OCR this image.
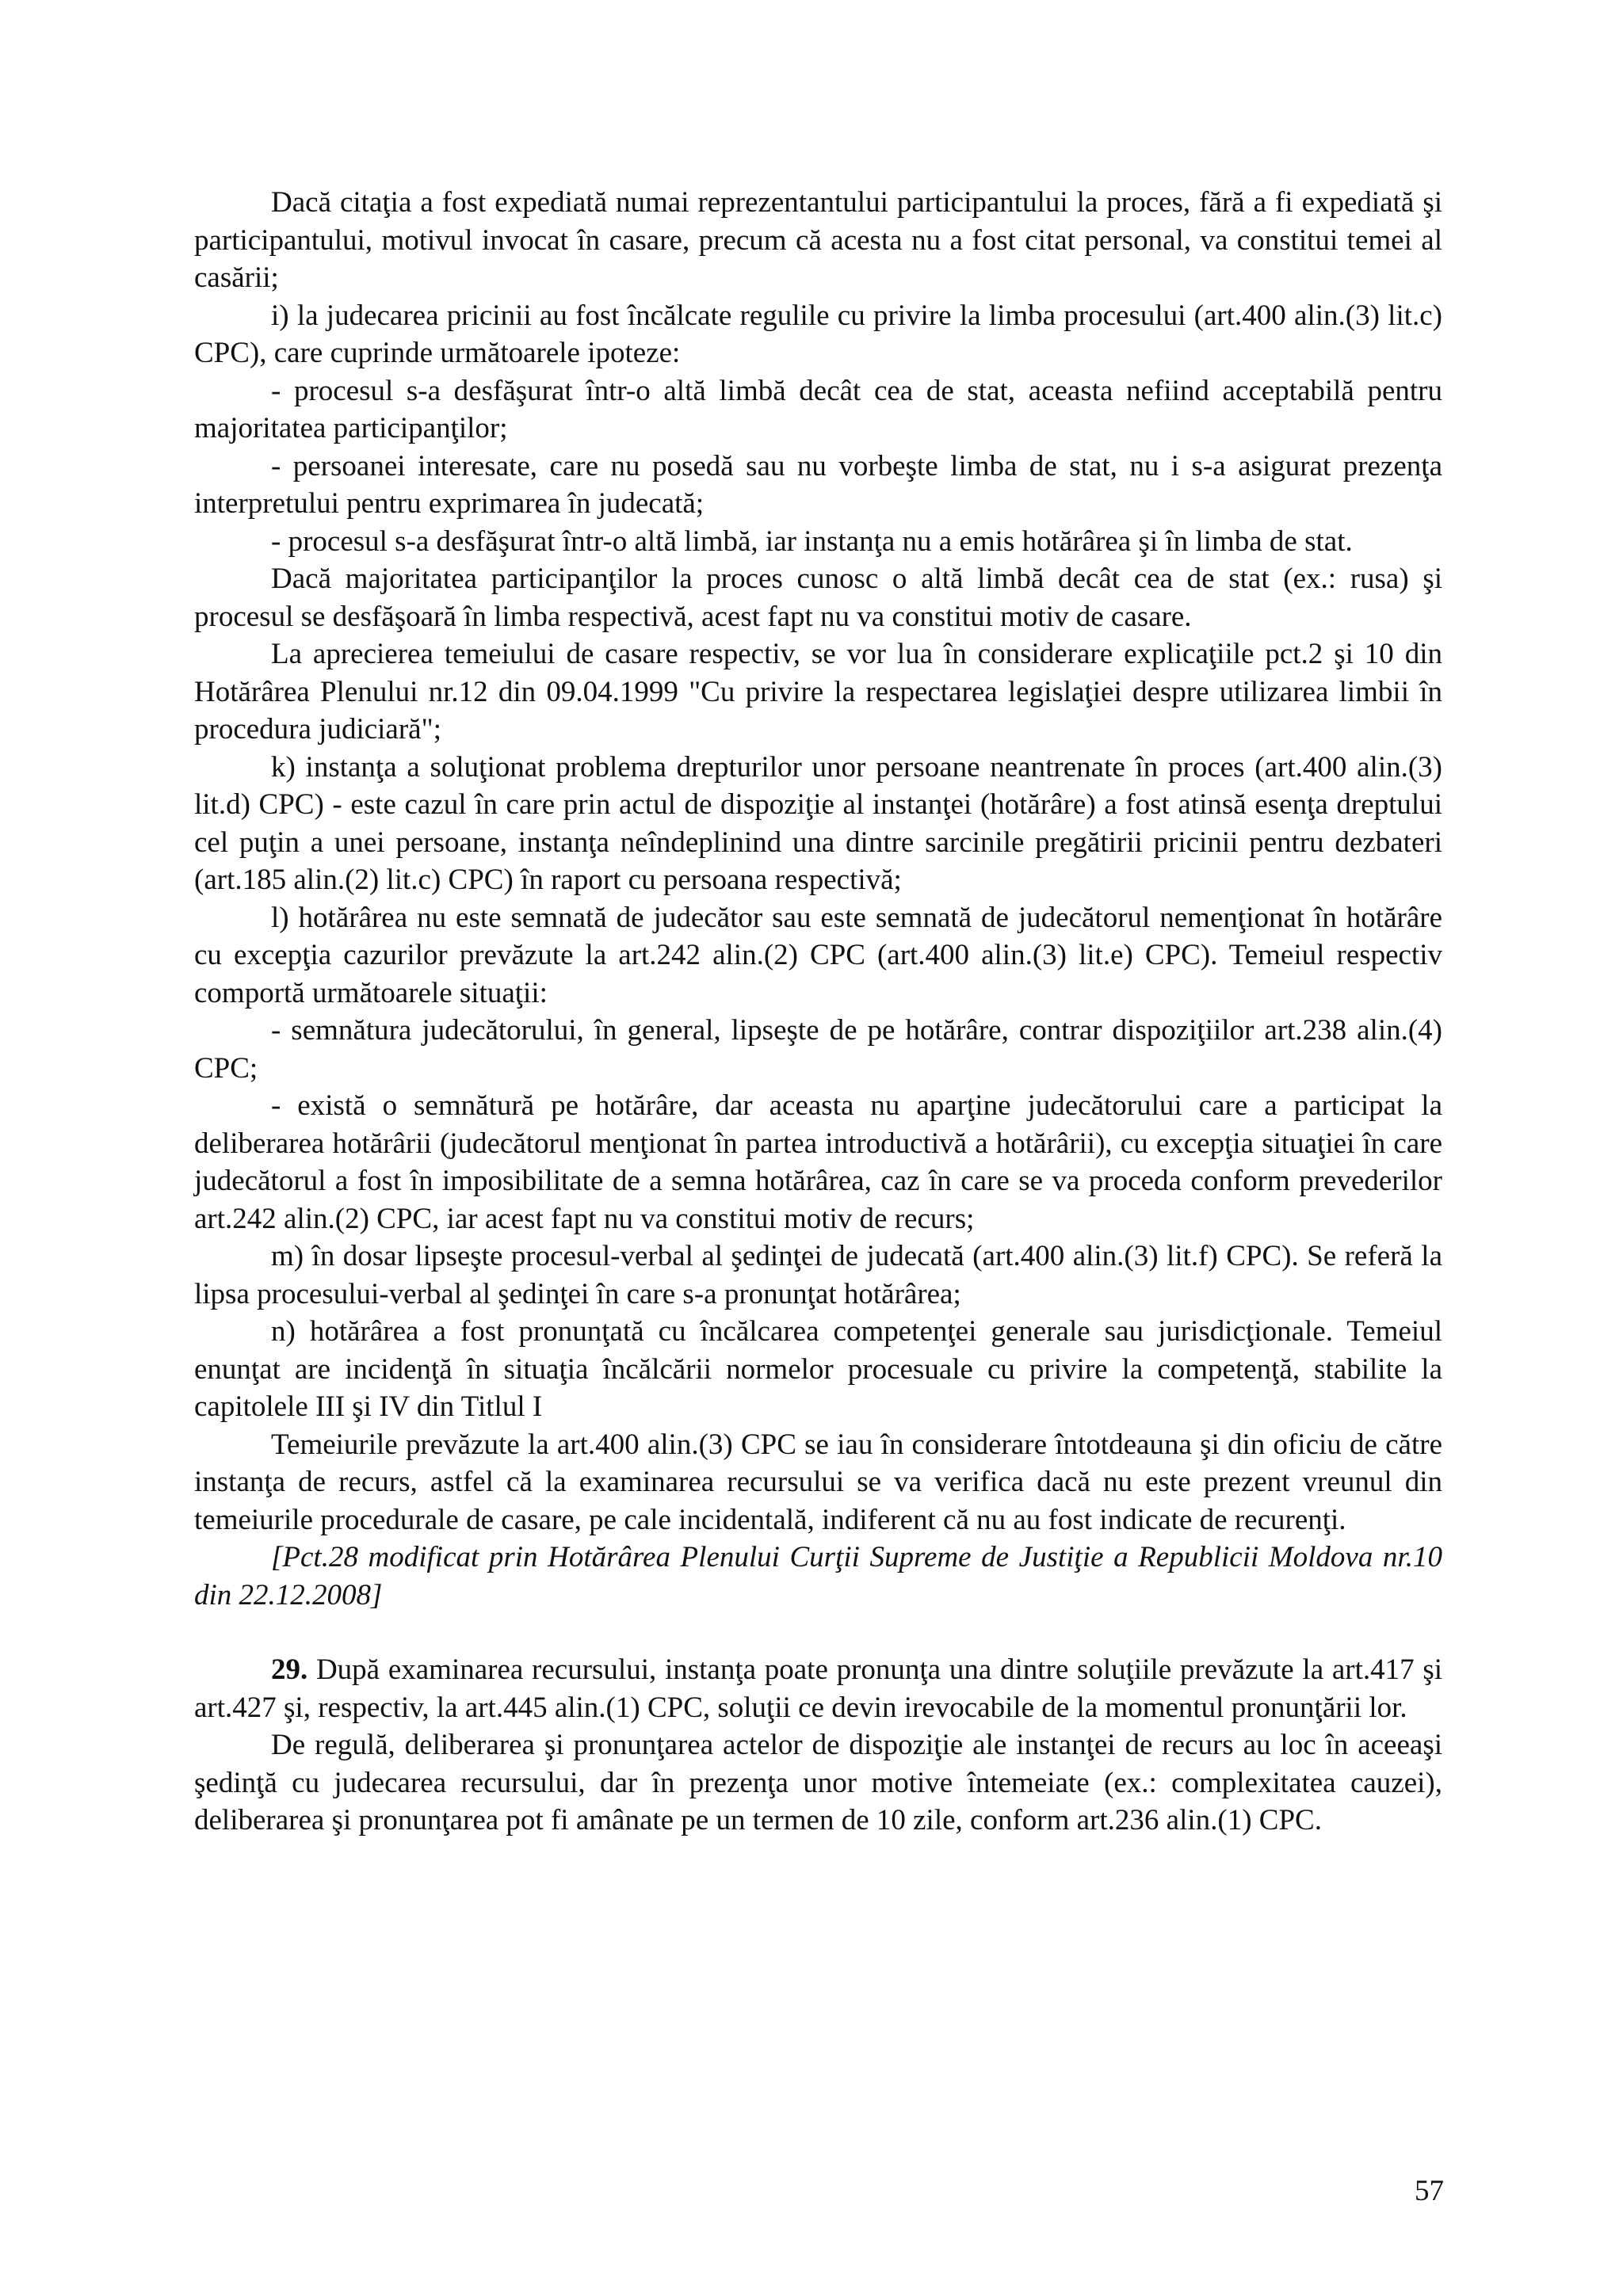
Dacă citaţia a fost expediată numai reprezentantului participantului la proces, fără a fi expediată şi participantului, motivul invocat în casare, precum că acesta nu a fost citat personal, va constitui temei al casării;

i) la judecarea pricinii au fost încălcate regulile cu privire la limba procesului (art.400 alin.(3) lit.c) CPC), care cuprinde următoarele ipoteze:

- procesul s-a desfăşurat într-o altă limbă decât cea de stat, aceasta nefiind acceptabilă pentru majoritatea participanţilor;

- persoanei interesate, care nu posedă sau nu vorbeşte limba de stat, nu i s-a asigurat prezenţa interpretului pentru exprimarea în judecată;

- procesul s-a desfăşurat într-o altă limbă, iar instanţa nu a emis hotărârea şi în limba de stat.

Dacă majoritatea participanţilor la proces cunosc o altă limbă decât cea de stat (ex.: rusa) şi procesul se desfăşoară în limba respectivă, acest fapt nu va constitui motiv de casare.

La aprecierea temeiului de casare respectiv, se vor lua în considerare explicaţiile pct.2 şi 10 din Hotărârea Plenului nr.12 din 09.04.1999 "Cu privire la respectarea legislaţiei despre utilizarea limbii în procedura judiciară";

k) instanţa a soluţionat problema drepturilor unor persoane neantrenate în proces (art.400 alin.(3) lit.d) CPC) - este cazul în care prin actul de dispoziţie al instanţei (hotărâre) a fost atinsă esenţa dreptului cel puţin a unei persoane, instanţa neîndeplinind una dintre sarcinile pregătirii pricinii pentru dezbateri (art.185 alin.(2) lit.c) CPC) în raport cu persoana respectivă;

l) hotărârea nu este semnată de judecător sau este semnată de judecătorul nemenţionat în hotărâre cu excepţia cazurilor prevăzute la art.242 alin.(2) CPC (art.400 alin.(3) lit.e) CPC). Temeiul respectiv comportă următoarele situaţii:

- semnătura judecătorului, în general, lipseşte de pe hotărâre, contrar dispoziţiilor art.238 alin.(4) CPC;

- există o semnătură pe hotărâre, dar aceasta nu aparţine judecătorului care a participat la deliberarea hotărârii (judecătorul menţionat în partea introductivă a hotărârii), cu excepţia situaţiei în care judecătorul a fost în imposibilitate de a semna hotărârea, caz în care se va proceda conform prevederilor art.242 alin.(2) CPC, iar acest fapt nu va constitui motiv de recurs;

m) în dosar lipseşte procesul-verbal al şedinţei de judecată (art.400 alin.(3) lit.f) CPC). Se referă la lipsa procesului-verbal al şedinţei în care s-a pronunţat hotărârea;

n) hotărârea a fost pronunţată cu încălcarea competenţei generale sau jurisdicţionale. Temeiul enunţat are incidenţă în situaţia încălcării normelor procesuale cu privire la competenţă, stabilite la capitolele III şi IV din Titlul I

Temeiurile prevăzute la art.400 alin.(3) CPC se iau în considerare întotdeauna şi din oficiu de către instanţa de recurs, astfel că la examinarea recursului se va verifica dacă nu este prezent vreunul din temeiurile procedurale de casare, pe cale incidentală, indiferent că nu au fost indicate de recurenţi.

[Pct.28 modificat prin Hotărârea Plenului Curţii Supreme de Justiţie a Republicii Moldova nr.10 din 22.12.2008]

29. După examinarea recursului, instanţa poate pronunţa una dintre soluţiile prevăzute la art.417 şi art.427 şi, respectiv, la art.445 alin.(1) CPC, soluţii ce devin irevocabile de la momentul pronunţării lor.

De regulă, deliberarea şi pronunţarea actelor de dispoziţie ale instanţei de recurs au loc în aceeaşi şedinţă cu judecarea recursului, dar în prezenţa unor motive întemeiate (ex.: complexitatea cauzei), deliberarea şi pronunţarea pot fi amânate pe un termen de 10 zile, conform art.236 alin.(1) CPC.

57
